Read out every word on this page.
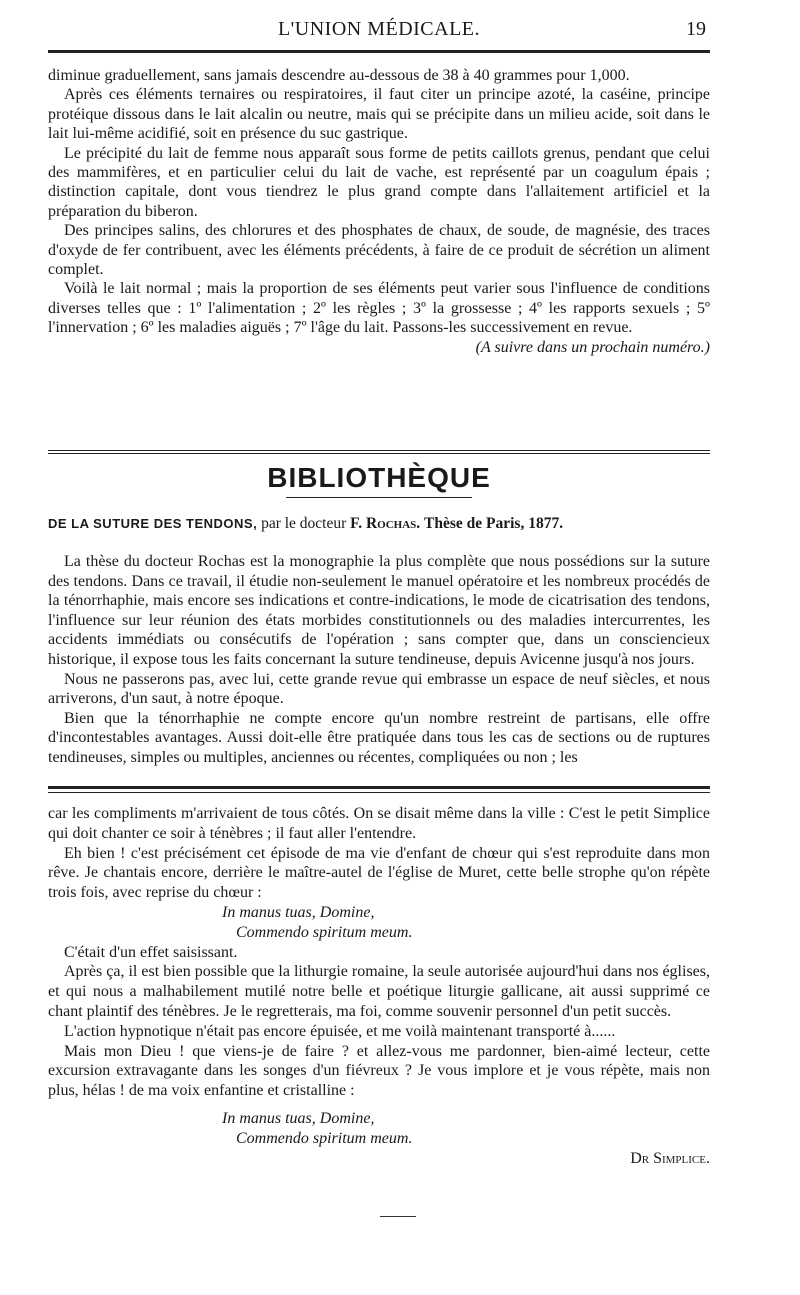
L'UNION MÉDICALE.	19

diminue graduellement, sans jamais descendre au-dessous de 38 à 40 grammes pour 1,000.

Après ces éléments ternaires ou respiratoires, il faut citer un principe azoté, la caséine, principe protéique dissous dans le lait alcalin ou neutre, mais qui se précipite dans un milieu acide, soit dans le lait lui-même acidifié, soit en présence du suc gastrique.

Le précipité du lait de femme nous apparaît sous forme de petits caillots grenus, pendant que celui des mammifères, et en particulier celui du lait de vache, est représenté par un coagulum épais ; distinction capitale, dont vous tiendrez le plus grand compte dans l'allaitement artificiel et la préparation du biberon.

Des principes salins, des chlorures et des phosphates de chaux, de soude, de magnésie, des traces d'oxyde de fer contribuent, avec les éléments précédents, à faire de ce produit de sécrétion un aliment complet.

Voilà le lait normal ; mais la proportion de ses éléments peut varier sous l'influence de conditions diverses telles que : 1º l'alimentation ; 2º les règles ; 3º la grossesse ; 4º les rapports sexuels ; 5º l'innervation ; 6º les maladies aiguës ; 7º l'âge du lait. Passons-les successivement en revue.

(A suivre dans un prochain numéro.)

BIBLIOTHÈQUE
DE LA SUTURE DES TENDONS, par le docteur F. Rochas. Thèse de Paris, 1877.

La thèse du docteur Rochas est la monographie la plus complète que nous possédions sur la suture des tendons. Dans ce travail, il étudie non-seulement le manuel opératoire et les nombreux procédés de la ténorrhaphie, mais encore ses indications et contre-indications, le mode de cicatrisation des tendons, l'influence sur leur réunion des états morbides constitutionnels ou des maladies intercurrentes, les accidents immédiats ou consécutifs de l'opération ; sans compter que, dans un consciencieux historique, il expose tous les faits concernant la suture tendineuse, depuis Avicenne jusqu'à nos jours.

Nous ne passerons pas, avec lui, cette grande revue qui embrasse un espace de neuf siècles, et nous arriverons, d'un saut, à notre époque.

Bien que la ténorrhaphie ne compte encore qu'un nombre restreint de partisans, elle offre d'incontestables avantages. Aussi doit-elle être pratiquée dans tous les cas de sections ou de ruptures tendineuses, simples ou multiples, anciennes ou récentes, compliquées ou non ; les

car les compliments m'arrivaient de tous côtés. On se disait même dans la ville : C'est le petit Simplice qui doit chanter ce soir à ténèbres ; il faut aller l'entendre.

Eh bien ! c'est précisément cet épisode de ma vie d'enfant de chœur qui s'est reproduite dans mon rêve. Je chantais encore, derrière le maître-autel de l'église de Muret, cette belle strophe qu'on répète trois fois, avec reprise du chœur :

In manus tuas, Domine,

Commendo spiritum meum.

C'était d'un effet saisissant.

Après ça, il est bien possible que la lithurgie romaine, la seule autorisée aujourd'hui dans nos églises, et qui nous a malhabilement mutilé notre belle et poétique liturgie gallicane, ait aussi supprimé ce chant plaintif des ténèbres. Je le regretterais, ma foi, comme souvenir personnel d'un petit succès.

L'action hypnotique n'était pas encore épuisée, et me voilà maintenant transporté à......

Mais mon Dieu ! que viens-je de faire ? et allez-vous me pardonner, bien-aimé lecteur, cette excursion extravagante dans les songes d'un fiévreux ? Je vous implore et je vous répète, mais non plus, hélas ! de ma voix enfantine et cristalline :

In manus tuas, Domine,

Commendo spiritum meum.

Dr Simplice.
